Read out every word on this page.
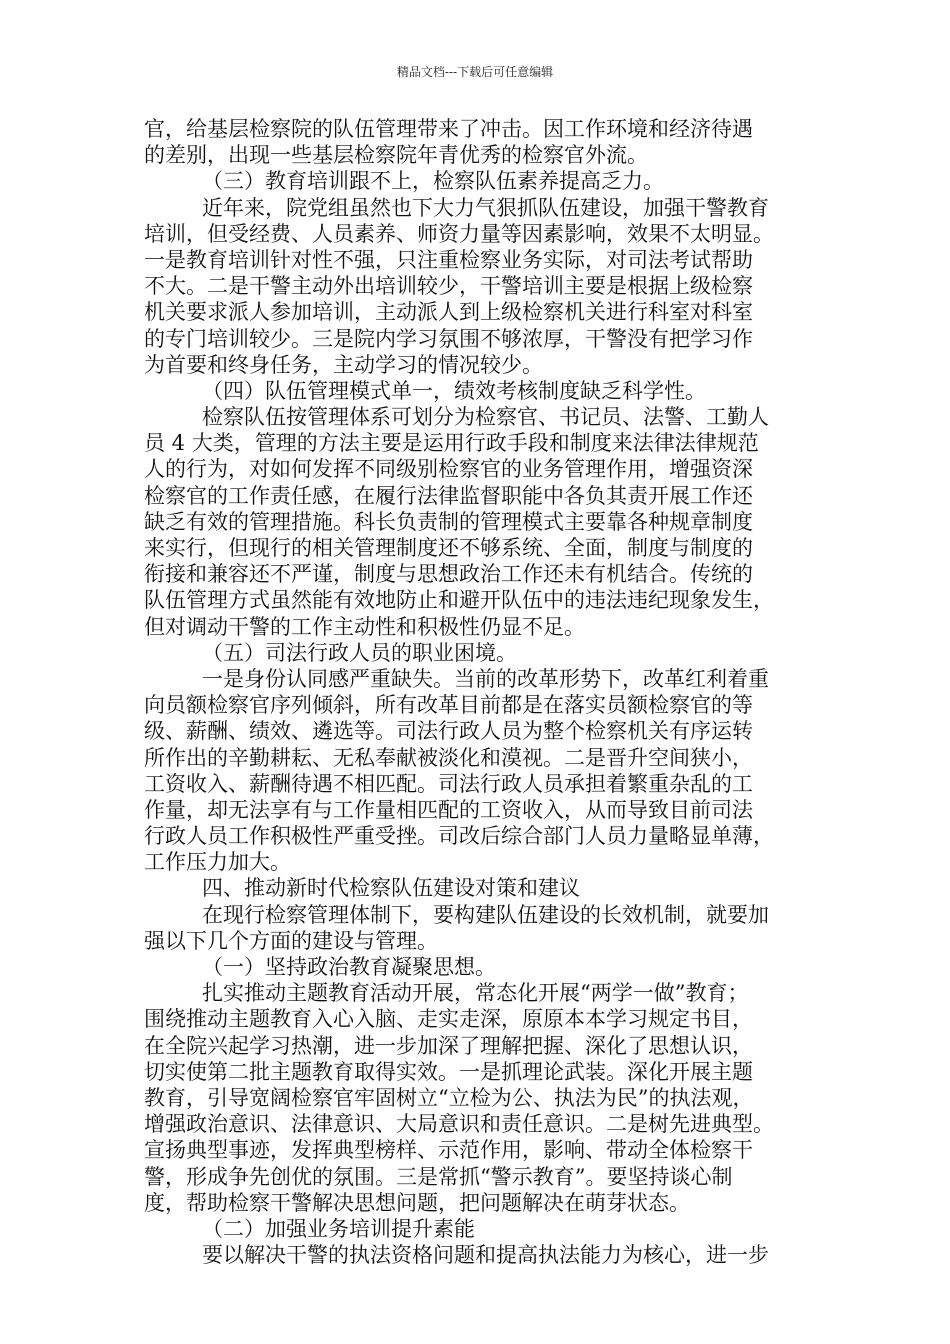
精品文档---下载后可任意编辑
官，给基层检察院的队伍管理带来了冲击。因工作环境和经济待遇
的差别，出现一些基层检察院年青优秀的检察官外流。
（三）教育培训跟不上，检察队伍素养提高乏力。
近年来，院党组虽然也下大力气狠抓队伍建设，加强干警教育
培训，但受经费、人员素养、师资力量等因素影响，效果不太明显。
一是教育培训针对性不强，只注重检察业务实际，对司法考试帮助
不大。二是干警主动外出培训较少，干警培训主要是根据上级检察
机关要求派人参加培训，主动派人到上级检察机关进行科室对科室
的专门培训较少。三是院内学习氛围不够浓厚，干警没有把学习作
为首要和终身任务，主动学习的情况较少。
（四）队伍管理模式单一，绩效考核制度缺乏科学性。
检察队伍按管理体系可划分为检察官、书记员、法警、工勤人
员 4 大类，管理的方法主要是运用行政手段和制度来法律法律规范
人的行为，对如何发挥不同级别检察官的业务管理作用，增强资深
检察官的工作责任感，在履行法律监督职能中各负其责开展工作还
缺乏有效的管理措施。科长负责制的管理模式主要靠各种规章制度
来实行，但现行的相关管理制度还不够系统、全面，制度与制度的
衔接和兼容还不严谨，制度与思想政治工作还未有机结合。传统的
队伍管理方式虽然能有效地防止和避开队伍中的违法违纪现象发生，
但对调动干警的工作主动性和积极性仍显不足。
（五）司法行政人员的职业困境。
一是身份认同感严重缺失。当前的改革形势下，改革红利着重
向员额检察官序列倾斜，所有改革目前都是在落实员额检察官的等
级、薪酬、绩效、遴选等。司法行政人员为整个检察机关有序运转
所作出的辛勤耕耘、无私奉献被淡化和漠视。二是晋升空间狭小，
工资收入、薪酬待遇不相匹配。司法行政人员承担着繁重杂乱的工
作量，却无法享有与工作量相匹配的工资收入，从而导致目前司法
行政人员工作积极性严重受挫。司改后综合部门人员力量略显单薄，
工作压力加大。
四、推动新时代检察队伍建设对策和建议
在现行检察管理体制下，要构建队伍建设的长效机制，就要加
强以下几个方面的建设与管理。
（一）坚持政治教育凝聚思想。
扎实推动主题教育活动开展，常态化开展“两学一做”教育；
围绕推动主题教育入心入脑、走实走深，原原本本学习规定书目，
在全院兴起学习热潮，进一步加深了理解把握、深化了思想认识，
切实使第二批主题教育取得实效。一是抓理论武装。深化开展主题
教育，引导宽阔检察官牢固树立“立检为公、执法为民”的执法观，
增强政治意识、法律意识、大局意识和责任意识。二是树先进典型。
宣扬典型事迹，发挥典型榜样、示范作用，影响、带动全体检察干
警，形成争先创优的氛围。三是常抓“警示教育”。要坚持谈心制
度，帮助检察干警解决思想问题，把问题解决在萌芽状态。
（二）加强业务培训提升素能
要以解决干警的执法资格问题和提高执法能力为核心，进一步
